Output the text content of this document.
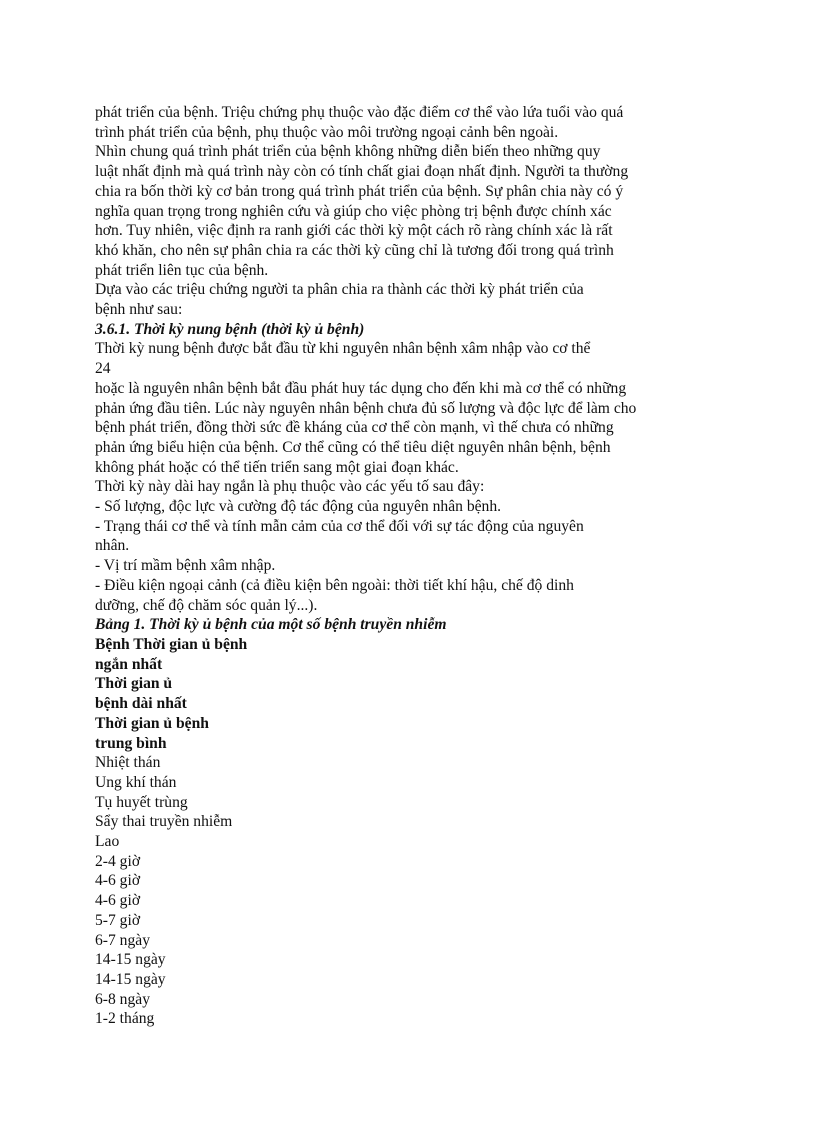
phát triển của bệnh. Triệu chứng phụ thuộc vào đặc điểm cơ thể vào lứa tuổi vào quá
trình phát triển của bệnh, phụ thuộc vào môi trường ngoại cảnh bên ngoài.
Nhìn chung quá trình phát triển của bệnh không những diễn biến theo những quy
luật nhất định mà quá trình này còn có tính chất giai đoạn nhất định. Người ta thường
chia ra bốn thời kỳ cơ bản trong quá trình phát triển của bệnh. Sự phân chia này có ý
nghĩa quan trọng trong nghiên cứu và giúp cho việc phòng trị bệnh được chính xác
hơn. Tuy nhiên, việc định ra ranh giới các thời kỳ một cách rõ ràng chính xác là rất
khó khăn, cho nên sự phân chia ra các thời kỳ cũng chỉ là tương đối trong quá trình
phát triển liên tục của bệnh.
Dựa vào các triệu chứng người ta phân chia ra thành các thời kỳ phát triển của
bệnh như sau:
3.6.1. Thời kỳ nung bệnh (thời kỳ ủ bệnh)
Thời kỳ nung bệnh được bắt đầu từ khi nguyên nhân bệnh xâm nhập vào cơ thể
24
hoặc là nguyên nhân bệnh bắt đầu phát huy tác dụng cho đến khi mà cơ thể có những
phản ứng đầu tiên. Lúc này nguyên nhân bệnh chưa đủ số lượng và độc lực để làm cho
bệnh phát triển, đồng thời sức đề kháng của cơ thể còn mạnh, vì thế chưa có những
phản ứng biểu hiện của bệnh. Cơ thể cũng có thể tiêu diệt nguyên nhân bệnh, bệnh
không phát hoặc có thể tiến triển sang một giai đoạn khác.
Thời kỳ này dài hay ngắn là phụ thuộc vào các yếu tố sau đây:
- Số lượng, độc lực và cường độ tác động của nguyên nhân bệnh.
- Trạng thái cơ thể và tính mẫn cảm của cơ thể đối với sự tác động của nguyên
nhân.
- Vị trí mầm bệnh xâm nhập.
- Điều kiện ngoại cảnh (cả điều kiện bên ngoài: thời tiết khí hậu, chế độ dinh
dưỡng, chế độ chăm sóc quản lý...).
Bảng 1. Thời kỳ ủ bệnh của một số bệnh truyền nhiễm
Bệnh Thời gian ủ bệnh
ngắn nhất
Thời gian ủ
bệnh dài nhất
Thời gian ủ bệnh
trung bình
Nhiệt thán
Ung khí thán
Tụ huyết trùng
Sẩy thai truyền nhiễm
Lao
2-4 giờ
4-6 giờ
4-6 giờ
5-7 giờ
6-7 ngày
14-15 ngày
14-15 ngày
6-8 ngày
1-2 tháng
